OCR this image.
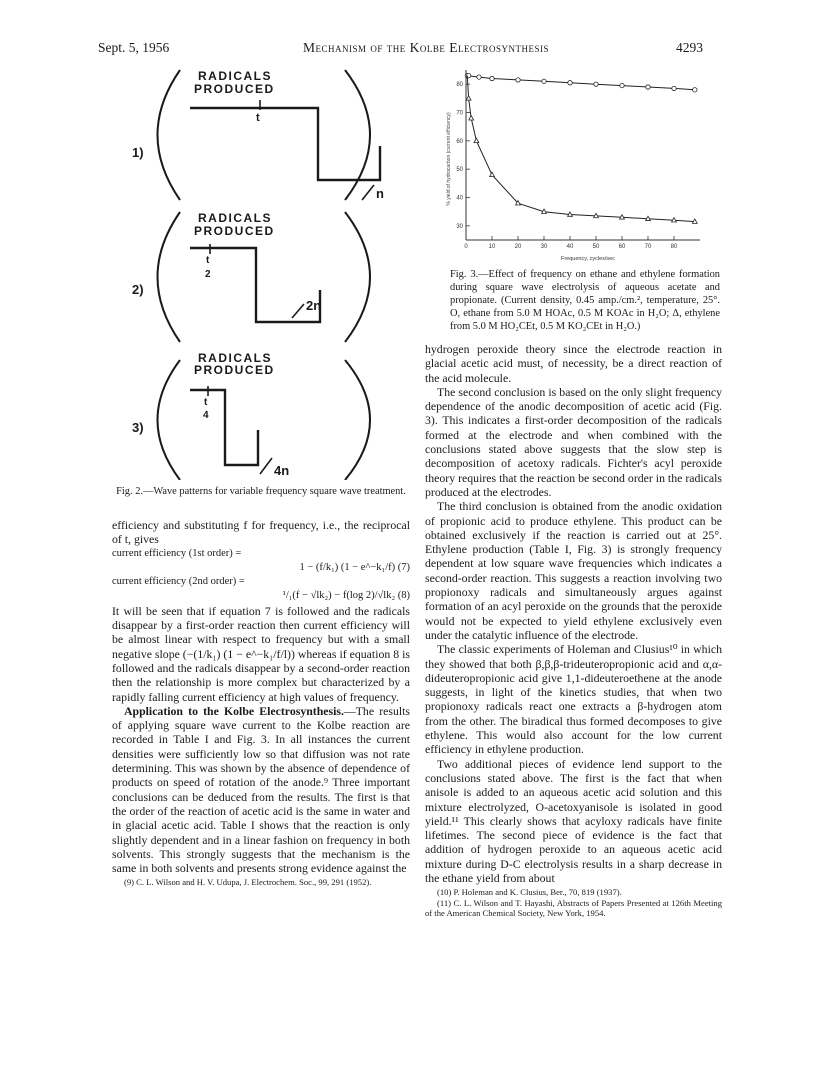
Sept. 5, 1956	Mechanism of the Kolbe Electrosynthesis	4293
RADICALS
PRODUCED
RADICALS
PRODUCED
RADICALS
PRODUCED
1)
2)
3)
t
t
2
t
4
n
2n
4n
Fig. 2.—Wave patterns for variable frequency square wave treatment.
0	10	20	30	40	50	60	70	80
30
40
50
60
70
80
Frequency, cycles/sec
% yield of hydrocarbon (current efficiency)
Fig. 3.—Effect of frequency on ethane and ethylene formation during square wave electrolysis of aqueous acetate and propionate. (Current density, 0.45 amp./cm.², temperature, 25°. O, ethane from 5.0 M HOAc, 0.5 M KOAc in H₂O; Δ, ethylene from 5.0 M HO₂CEt, 0.5 M KO₂CEt in H₂O.)

efficiency and substituting f for frequency, i.e., the reciprocal of t, gives

current efficiency (1st order) =

1 − (f/k₁) (1 − e^−k₁/f) (7)

current efficiency (2nd order) =

¹/₁(f − √lk₂) − f(log 2)/√lk₂ (8)

It will be seen that if equation 7 is followed and the radicals disappear by a first-order reaction then current efficiency will be almost linear with respect to frequency but with a small negative slope (−(1/k₁) (1 − e^−k₁/f/l)) whereas if equation 8 is followed and the radicals disappear by a second-order reaction then the relationship is more complex but characterized by a rapidly falling current efficiency at high values of frequency.

Application to the Kolbe Electrosynthesis.—The results of applying square wave current to the Kolbe reaction are recorded in Table I and Fig. 3. In all instances the current densities were sufficiently low so that diffusion was not rate determining. This was shown by the absence of dependence of products on speed of rotation of the anode.⁹ Three important conclusions can be deduced from the results. The first is that the order of the reaction of acetic acid is the same in water and in glacial acetic acid. Table I shows that the reaction is only slightly dependent and in a linear fashion on frequency in both solvents. This strongly suggests that the mechanism is the same in both solvents and presents strong evidence against the

(9) C. L. Wilson and H. V. Udupa, J. Electrochem. Soc., 99, 291 (1952).

hydrogen peroxide theory since the electrode reaction in glacial acetic acid must, of necessity, be a direct reaction of the acid molecule.

The second conclusion is based on the only slight frequency dependence of the anodic decomposition of acetic acid (Fig. 3). This indicates a first-order decomposition of the radicals formed at the electrode and when combined with the conclusions stated above suggests that the slow step is decomposition of acetoxy radicals. Fichter's acyl peroxide theory requires that the reaction be second order in the radicals produced at the electrodes.

The third conclusion is obtained from the anodic oxidation of propionic acid to produce ethylene. This product can be obtained exclusively if the reaction is carried out at 25°. Ethylene production (Table I, Fig. 3) is strongly frequency dependent at low square wave frequencies which indicates a second-order reaction. This suggests a reaction involving two propionoxy radicals and simultaneously argues against formation of an acyl peroxide on the grounds that the peroxide would not be expected to yield ethylene exclusively even under the catalytic influence of the electrode.

The classic experiments of Holeman and Clusius¹⁰ in which they showed that both β,β,β-trideuteropropionic acid and α,α-dideuteropropionic acid give 1,1-dideuteroethene at the anode suggests, in light of the kinetics studies, that when two propionoxy radicals react one extracts a β-hydrogen atom from the other. The biradical thus formed decomposes to give ethylene. This would also account for the low current efficiency in ethylene production.

Two additional pieces of evidence lend support to the conclusions stated above. The first is the fact that when anisole is added to an aqueous acetic acid solution and this mixture electrolyzed, O-acetoxyanisole is isolated in good yield.¹¹ This clearly shows that acyloxy radicals have finite lifetimes. The second piece of evidence is the fact that addition of hydrogen peroxide to an aqueous acetic acid mixture during D-C electrolysis results in a sharp decrease in the ethane yield from about

(10) P. Holeman and K. Clusius, Ber., 70, 819 (1937).

(11) C. L. Wilson and T. Hayashi, Abstracts of Papers Presented at 126th Meeting of the American Chemical Society, New York, 1954.
